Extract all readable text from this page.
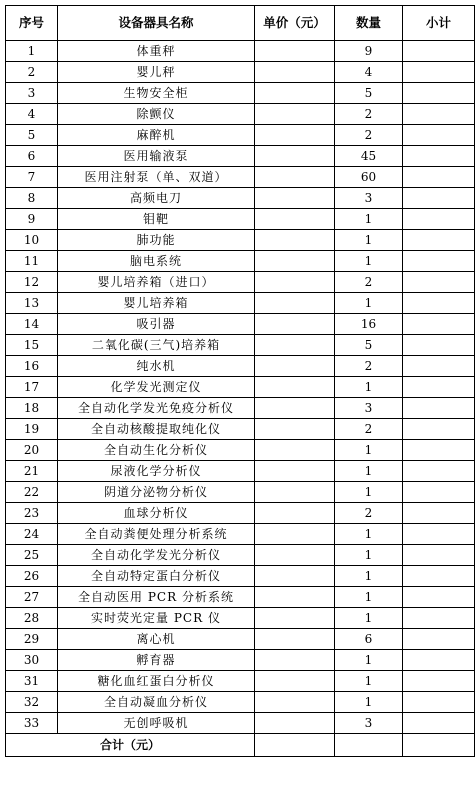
序号	设备器具名称	单价（元）	数量	小计
1	体重秤		9	
2	婴儿秤		4	
3	生物安全柜		5	
4	除颤仪		2	
5	麻醉机		2	
6	医用输液泵		45	
7	医用注射泵（单、双道）		60	
8	高频电刀		3	
9	钼靶		1	
10	肺功能		1	
11	脑电系统		1	
12	婴儿培养箱（进口）		2	
13	婴儿培养箱		1	
14	吸引器		16	
15	二氧化碳(三气)培养箱		5	
16	纯水机		2	
17	化学发光测定仪		1	
18	全自动化学发光免疫分析仪		3	
19	全自动核酸提取纯化仪		2	
20	全自动生化分析仪		1	
21	尿液化学分析仪		1	
22	阴道分泌物分析仪		1	
23	血球分析仪		2	
24	全自动粪便处理分析系统		1	
25	全自动化学发光分析仪		1	
26	全自动特定蛋白分析仪		1	
27	全自动医用 PCR 分析系统		1	
28	实时荧光定量 PCR 仪		1	
29	离心机		6	
30	孵育器		1	
31	糖化血红蛋白分析仪		1	
32	全自动凝血分析仪		1	
33	无创呼吸机		3	
合计（元）				
